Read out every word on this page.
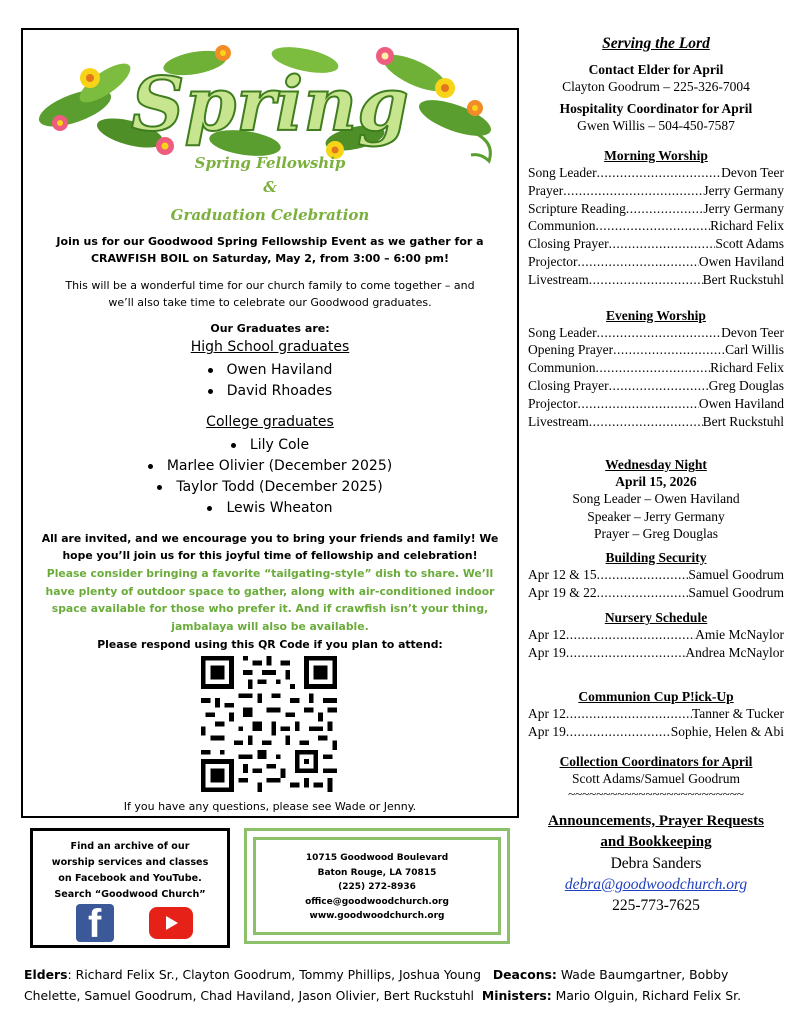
Spring
Spring Fellowship
&
Graduation Celebration
Join us for our Goodwood Spring Fellowship Event as we gather for a
CRAWFISH BOIL on Saturday, May 2, from 3:00 – 6:00 pm!
This will be a wonderful time for our church family to come together – and
we’ll also take time to celebrate our Goodwood graduates.
Our Graduates are:
High School graduates
Owen Haviland
David Rhoades
College graduates
Lily Cole
Marlee Olivier (December 2025)
Taylor Todd (December 2025)
Lewis Wheaton
All are invited, and we encourage you to bring your friends and family! We
hope you’ll join us for this joyful time of fellowship and celebration!
Please consider bringing a favorite “tailgating-style” dish to share. We’ll
have plenty of outdoor space to gather, along with air-conditioned indoor
space available for those who prefer it. And if crawfish isn’t your thing,
jambalaya will also be available.
Please respond using this QR Code if you plan to attend:
If you have any questions, please see Wade or Jenny.
Find an archive of our
worship services and classes
on Facebook and YouTube.
Search “Goodwood Church”
f
10715 Goodwood Boulevard
Baton Rouge, LA 70815
(225) 272-8936
office@goodwoodchurch.org
www.goodwoodchurch.org
Serving the Lord
Contact Elder for April
Clayton Goodrum – 225-326-7004
Hospitality Coordinator for April
Gwen Willis – 504-450-7587
Morning Worship
Song Leader .....	Devon Teer
Prayer .....	Jerry Germany
Scripture Reading .....	Jerry Germany
Communion .....	Richard Felix
Closing Prayer .....	Scott Adams
Projector .....	Owen Haviland
Livestream .....	Bert Ruckstuhl
Evening Worship
Song Leader .....	Devon Teer
Opening Prayer .....	Carl Willis
Communion .....	Richard Felix
Closing Prayer .....	Greg Douglas
Projector .....	Owen Haviland
Livestream .....	Bert Ruckstuhl
Wednesday Night
April 15, 2026
Song Leader – Owen Haviland
Speaker – Jerry Germany
Prayer – Greg Douglas
Building Security
Apr 12 & 15 .....	Samuel Goodrum
Apr 19 & 22 .....	Samuel Goodrum
Nursery Schedule
Apr 12 .....	Amie McNaylor
Apr 19 .....	Andrea McNaylor
Communion Cup P!ick-Up
Apr 12 .....	Tanner & Tucker
Apr 19 .....	Sophie, Helen & Abi
Collection Coordinators for April
Scott Adams/Samuel Goodrum
~~~~~~~~~~~~~~~~~~~~~~~~~
Announcements, Prayer Requests
and Bookkeeping
Debra Sanders
debra@goodwoodchurch.org
225-773-7625
Elders: Richard Felix Sr., Clayton Goodrum, Tommy Phillips, Joshua Young Deacons: Wade Baumgartner, Bobby
Chelette, Samuel Goodrum, Chad Haviland, Jason Olivier, Bert Ruckstuhl Ministers: Mario Olguin, Richard Felix Sr.
